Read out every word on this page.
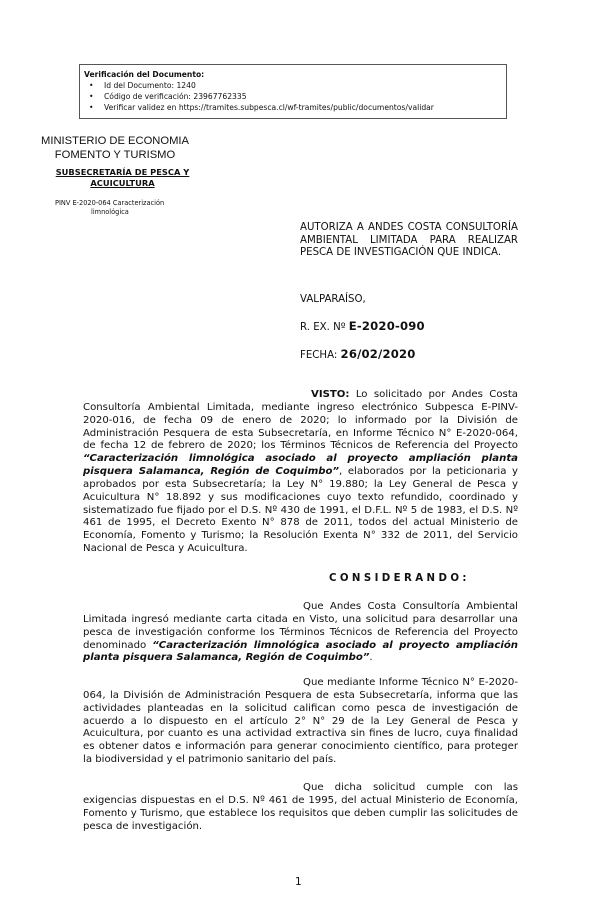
Verificación del Documento:
• Id del Documento: 1240
• Código de verificación: 23967762335
• Verificar validez en https://tramites.subpesca.cl/wf-tramites/public/documentos/validar
MINISTERIO DE ECONOMIA
FOMENTO Y TURISMO
SUBSECRETARÍA DE PESCA Y ACUICULTURA
PINV E-2020-064 Caracterización
limnológica
AUTORIZA A ANDES COSTA CONSULTORÍA AMBIENTAL LIMITADA PARA REALIZAR PESCA DE INVESTIGACIÓN QUE INDICA.
VALPARAÍSO,
R. EX. Nº E-2020-090
FECHA: 26/02/2020
VISTO: Lo solicitado por Andes Costa Consultoría Ambiental Limitada, mediante ingreso electrónico Subpesca E-PINV-2020-016, de fecha 09 de enero de 2020; lo informado por la División de Administración Pesquera de esta Subsecretaría, en Informe Técnico N° E-2020-064, de fecha 12 de febrero de 2020; los Términos Técnicos de Referencia del Proyecto “Caracterización limnológica asociado al proyecto ampliación planta pisquera Salamanca, Región de Coquimbo”, elaborados por la peticionaria y aprobados por esta Subsecretaría; la Ley N° 19.880; la Ley General de Pesca y Acuicultura N° 18.892 y sus modificaciones cuyo texto refundido, coordinado y sistematizado fue fijado por el D.S. Nº 430 de 1991, el D.F.L. Nº 5 de 1983, el D.S. Nº 461 de 1995, el Decreto Exento N° 878 de 2011, todos del actual Ministerio de Economía, Fomento y Turismo; la Resolución Exenta N° 332 de 2011, del Servicio Nacional de Pesca y Acuicultura.
CONSIDERANDO:
Que Andes Costa Consultoría Ambiental Limitada ingresó mediante carta citada en Visto, una solicitud para desarrollar una pesca de investigación conforme los Términos Técnicos de Referencia del Proyecto denominado “Caracterización limnológica asociado al proyecto ampliación planta pisquera Salamanca, Región de Coquimbo”.
Que mediante Informe Técnico N° E-2020-064, la División de Administración Pesquera de esta Subsecretaría, informa que las actividades planteadas en la solicitud califican como pesca de investigación de acuerdo a lo dispuesto en el artículo 2° N° 29 de la Ley General de Pesca y Acuicultura, por cuanto es una actividad extractiva sin fines de lucro, cuya finalidad es obtener datos e información para generar conocimiento científico, para proteger la biodiversidad y el patrimonio sanitario del país.
Que dicha solicitud cumple con las exigencias dispuestas en el D.S. Nº 461 de 1995, del actual Ministerio de Economía, Fomento y Turismo, que establece los requisitos que deben cumplir las solicitudes de pesca de investigación.
1
